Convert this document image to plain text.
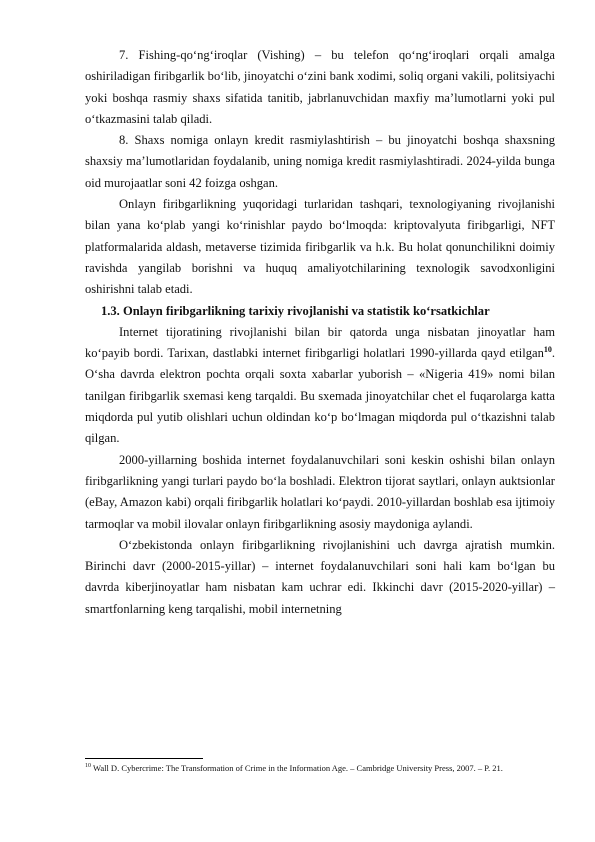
7. Fishing-qo‘ng‘iroqlar (Vishing) – bu telefon qo‘ng‘iroqlari orqali amalga oshiriladigan firibgarlik bo‘lib, jinoyatchi o‘zini bank xodimi, soliq organi vakili, politsiyachi yoki boshqa rasmiy shaxs sifatida tanitib, jabrlanuvchidan maxfiy ma’lumotlarni yoki pul o‘tkazmasini talab qiladi.

8. Shaxs nomiga onlayn kredit rasmiylashtirish – bu jinoyatchi boshqa shaxsning shaxsiy ma’lumotlaridan foydalanib, uning nomiga kredit rasmiylashtiradi. 2024-yilda bunga oid murojaatlar soni 42 foizga oshgan.

Onlayn firibgarlikning yuqoridagi turlaridan tashqari, texnologiyaning rivojlanishi bilan yana ko‘plab yangi ko‘rinishlar paydo bo‘lmoqda: kriptovalyuta firibgarligi, NFT platformalarida aldash, metaverse tizimida firibgarlik va h.k. Bu holat qonunchilikni doimiy ravishda yangilab borishni va huquq amaliyotchilarining texnologik savodxonligini oshirishni talab etadi.

1.3. Onlayn firibgarlikning tarixiy rivojlanishi va statistik ko‘rsatkichlar

Internet tijoratining rivojlanishi bilan bir qatorda unga nisbatan jinoyatlar ham ko‘payib bordi. Tarixan, dastlabki internet firibgarligi holatlari 1990-yillarda qayd etilgan$^{10}$. O‘sha davrda elektron pochta orqali soxta xabarlar yuborish – «Nigeria 419» nomi bilan tanilgan firibgarlik sxemasi keng tarqaldi. Bu sxemada jinoyatchilar chet el fuqarolarga katta miqdorda pul yutib olishlari uchun oldindan ko‘p bo‘lmagan miqdorda pul o‘tkazishni talab qilgan.

2000-yillarning boshida internet foydalanuvchilari soni keskin oshishi bilan onlayn firibgarlikning yangi turlari paydo bo‘la boshladi. Elektron tijorat saytlari, onlayn auktsionlar (eBay, Amazon kabi) orqali firibgarlik holatlari ko‘paydi. 2010-yillardan boshlab esa ijtimoiy tarmoqlar va mobil ilovalar onlayn firibgarlikning asosiy maydoniga aylandi.

O‘zbekistonda onlayn firibgarlikning rivojlanishini uch davrga ajratish mumkin. Birinchi davr (2000-2015-yillar) – internet foydalanuvchilari soni hali kam bo‘lgan bu davrda kiberjinoyatlar ham nisbatan kam uchrar edi. Ikkinchi davr (2015-2020-yillar) – smartfonlarning keng tarqalishi, mobil internetning

$^{10}$ Wall D. Cybercrime: The Transformation of Crime in the Information Age. – Cambridge University Press, 2007. – P. 21.
